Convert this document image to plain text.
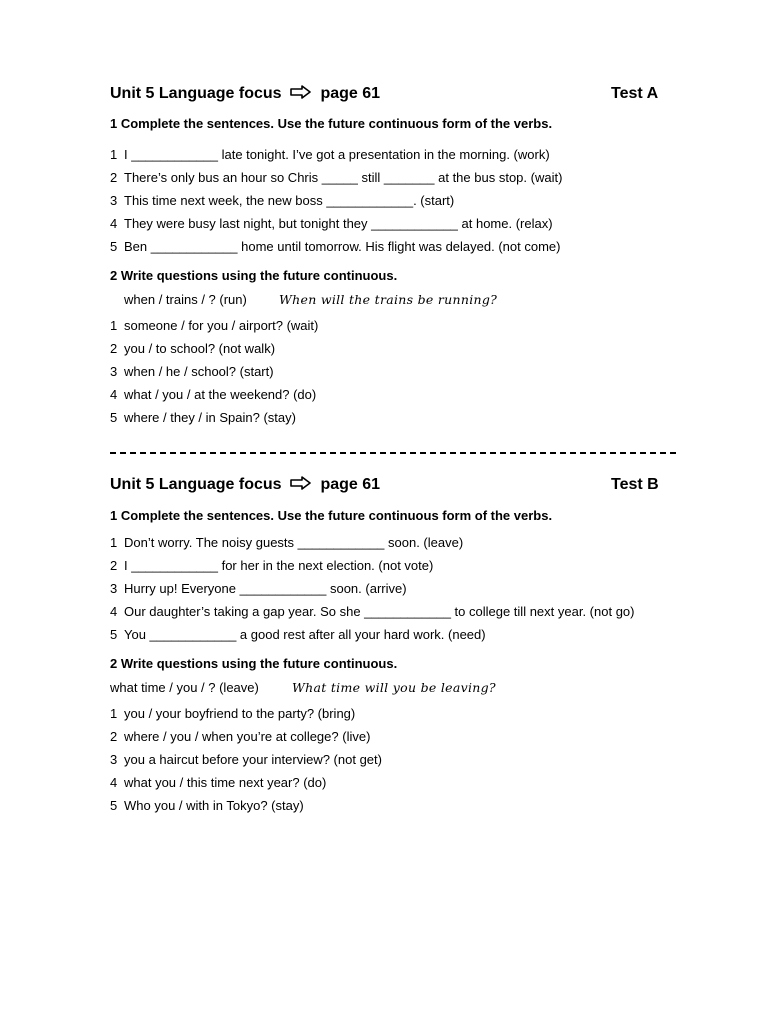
Unit 5 Language focus page 61	Test A
1 Complete the sentences. Use the future continuous form of the verbs.
1 I ____________ late tonight. I’ve got a presentation in the morning. (work)
2 There’s only bus an hour so Chris _____ still _______ at the bus stop. (wait)
3 This time next week, the new boss ____________. (start)
4 They were busy last night, but tonight they ____________ at home. (relax)
5 Ben ____________ home until tomorrow. His flight was delayed. (not come)
2 Write questions using the future continuous.
when / trains / ? (run)	When will the trains be running?
1 someone / for you / airport? (wait)
2 you / to school? (not walk)
3 when / he / school? (start)
4 what / you / at the weekend? (do)
5 where / they / in Spain? (stay)
Unit 5 Language focus page 61	Test B
1 Complete the sentences. Use the future continuous form of the verbs.
1 Don’t worry. The noisy guests ____________ soon. (leave)
2 I ____________ for her in the next election. (not vote)
3 Hurry up! Everyone ____________ soon. (arrive)
4 Our daughter’s taking a gap year. So she ____________ to college till next year. (not go)
5 You ____________ a good rest after all your hard work. (need)
2 Write questions using the future continuous.
what time / you / ? (leave)	What time will you be leaving?
1 you / your boyfriend to the party? (bring)
2 where / you / when you’re at college? (live)
3 you a haircut before your interview? (not get)
4 what you / this time next year? (do)
5 Who you / with in Tokyo? (stay)
